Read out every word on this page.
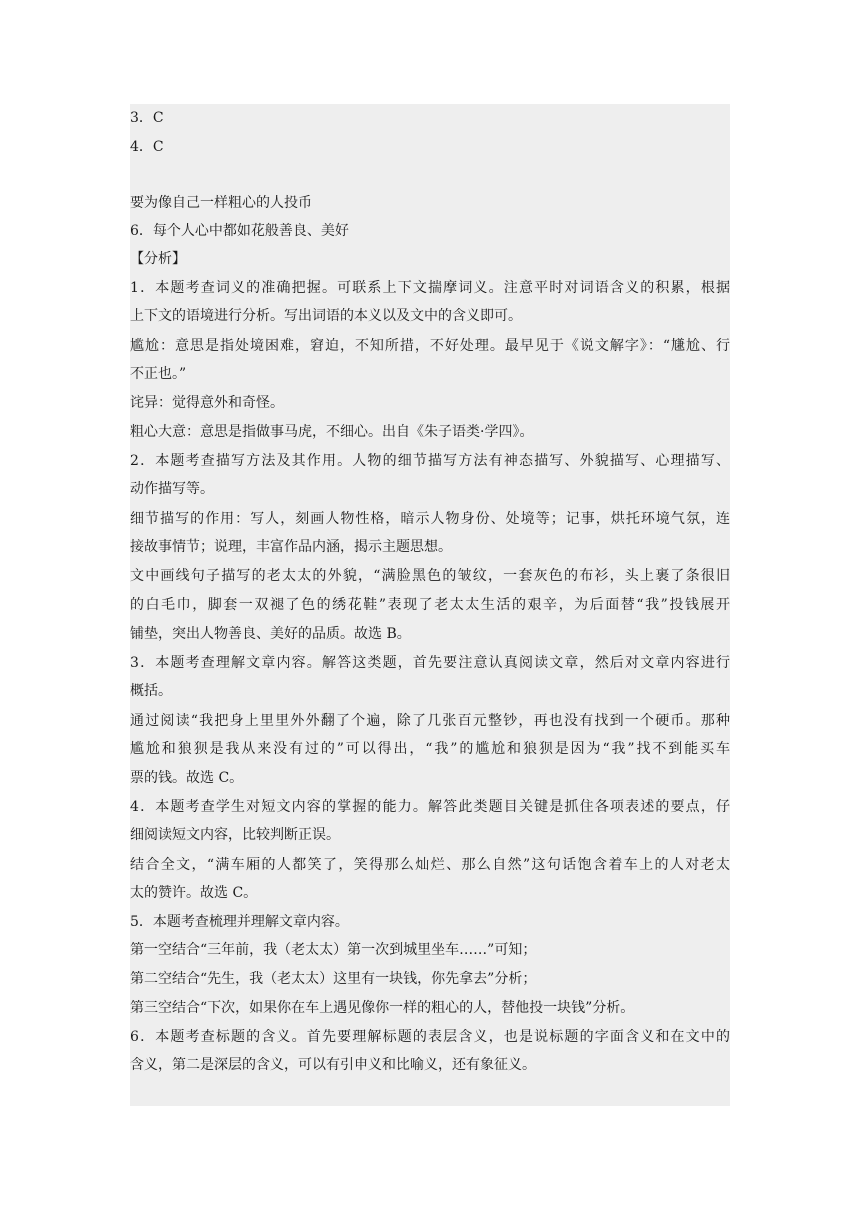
3．C
4．C
要为像自己一样粗心的人投币
6．每个人心中都如花般善良、美好
【分析】
1．本题考查词义的准确把握。可联系上下文揣摩词义。注意平时对词语含义的积累，根据
上下文的语境进行分析。写出词语的本义以及文中的含义即可。
尴尬：意思是指处境困难，窘迫，不知所措，不好处理。最早见于《说文解字》：“尲尬、行
不正也。”
诧异：觉得意外和奇怪。
粗心大意：意思是指做事马虎，不细心。出自《朱子语类·学四》。
2．本题考查描写方法及其作用。人物的细节描写方法有神态描写、外貌描写、心理描写、
动作描写等。
细节描写的作用：写人，刻画人物性格，暗示人物身份、处境等；记事，烘托环境气氛，连
接故事情节；说理，丰富作品内涵，揭示主题思想。
文中画线句子描写的老太太的外貌，“满脸黑色的皱纹，一套灰色的布衫，头上裹了条很旧
的白毛巾，脚套一双褪了色的绣花鞋”表现了老太太生活的艰辛，为后面替“我”投钱展开
铺垫，突出人物善良、美好的品质。故选 B。
3．本题考查理解文章内容。解答这类题，首先要注意认真阅读文章，然后对文章内容进行
概括。
通过阅读“我把身上里里外外翻了个遍，除了几张百元整钞，再也没有找到一个硬币。那种
尴尬和狼狈是我从来没有过的”可以得出，“我”的尴尬和狼狈是因为“我”找不到能买车
票的钱。故选 C。
4．本题考查学生对短文内容的掌握的能力。解答此类题目关键是抓住各项表述的要点，仔
细阅读短文内容，比较判断正误。
结合全文，“满车厢的人都笑了，笑得那么灿烂、那么自然”这句话饱含着车上的人对老太
太的赞许。故选 C。
5．本题考查梳理并理解文章内容。
第一空结合“三年前，我（老太太）第一次到城里坐车……”可知；
第二空结合“先生，我（老太太）这里有一块钱，你先拿去”分析；
第三空结合“下次，如果你在车上遇见像你一样的粗心的人，替他投一块钱”分析。
6．本题考查标题的含义。首先要理解标题的表层含义，也是说标题的字面含义和在文中的
含义，第二是深层的含义，可以有引申义和比喻义，还有象征义。
